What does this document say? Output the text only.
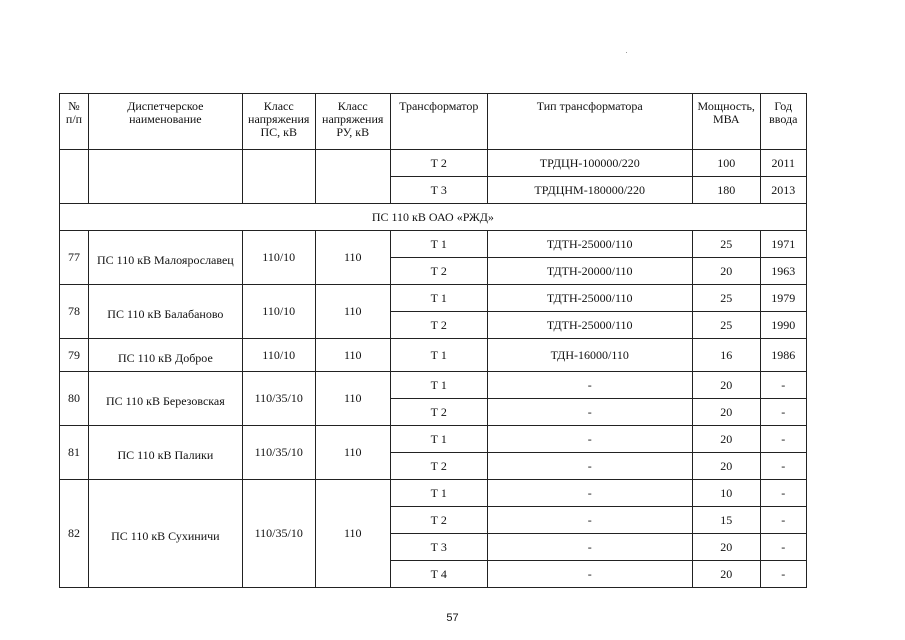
№
п/п	Диспетчерское
наименование	Класс
напряжения
ПС, кВ	Класс
напряжения
РУ, кВ	Трансформатор	Тип трансформатора	Мощность,
МВА	Год
ввода
				Т 2	ТРДЦН-100000/220	100	2011
				Т 3	ТРДЦНМ-180000/220	180	2013
ПС 110 кВ ОАО «РЖД»							
77	ПС 110 кВ Малоярославец	110/10	110	Т 1	ТДТН-25000/110	25	1971
				Т 2	ТДТН-20000/110	20	1963
78	ПС 110 кВ Балабаново	110/10	110	Т 1	ТДТН-25000/110	25	1979
				Т 2	ТДТН-25000/110	25	1990
79	ПС 110 кВ Доброе	110/10	110	Т 1	ТДН-16000/110	16	1986
80	ПС 110 кВ Березовская	110/35/10	110	Т 1	-	20	-
				Т 2	-	20	-
81	ПС 110 кВ Палики	110/35/10	110	Т 1	-	20	-
				Т 2	-	20	-
82	ПС 110 кВ Сухиничи	110/35/10	110	Т 1	-	10	-
				Т 2	-	15	-
				Т 3	-	20	-
				Т 4	-	20	-
57
